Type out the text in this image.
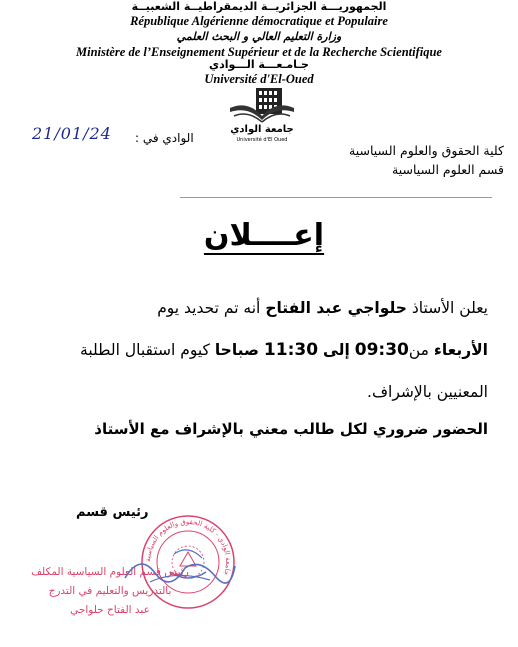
الجمهوريـــة الجزائريــة الديمقراطيــة الشعبيــة
République Algérienne démocratique et Populaire
وزارة التعليم العالي و البحث العلمي
Ministère de l’Enseignement Supérieur et de la Recherche Scientifique
جـامـعـــة الـــوادي
Université d'El-Oued
جامعة الوادي
Université d'El Oued
21/01/24 الوادي في :
كلية الحقوق والعلوم السياسية
قسم العلوم السياسية
إعــــلان
يعلن الأستاذ حلواجي عبد الفتاح أنه تم تحديد يوم
الأربعاء من09:30 إلى 11:30 صباحا كيوم استقبال الطلبة
المعنيين بالإشراف.
الحضور ضروري لكل طالب معني بالإشراف مع الأستاذ
رئيس قسم
جامعة الوادي - كلية الحقوق والعلوم السياسية
رئيس قسم العلوم السياسية المكلف
بالتدريس والتعليم في التدرج
عبد الفتاح حلواجي
